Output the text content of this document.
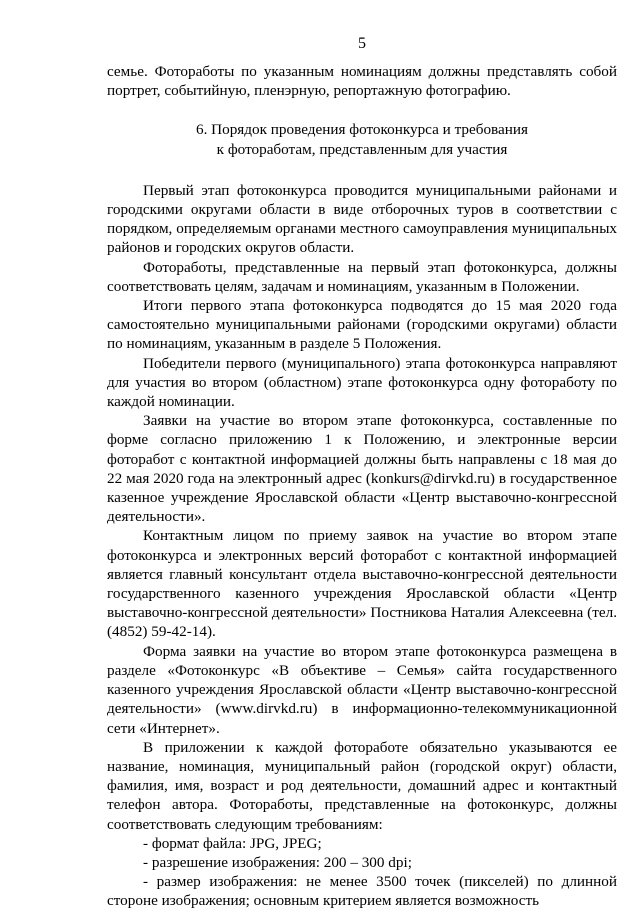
5

семье. Фотоработы по указанным номинациям должны представлять собой портрет, событийную, пленэрную, репортажную фотографию.

6. Порядок проведения фотоконкурса и требования
к фотоработам, представленным для участия

Первый этап фотоконкурса проводится муниципальными районами и городскими округами области в виде отборочных туров в соответствии с порядком, определяемым органами местного самоуправления муниципальных районов и городских округов области.

Фотоработы, представленные на первый этап фотоконкурса, должны соответствовать целям, задачам и номинациям, указанным в Положении.

Итоги первого этапа фотоконкурса подводятся до 15 мая 2020 года самостоятельно муниципальными районами (городскими округами) области по номинациям, указанным в разделе 5 Положения.

Победители первого (муниципального) этапа фотоконкурса направляют для участия во втором (областном) этапе фотоконкурса одну фотоработу по каждой номинации.

Заявки на участие во втором этапе фотоконкурса, составленные по форме согласно приложению 1 к Положению, и электронные версии фоторабот с контактной информацией должны быть направлены с 18 мая до 22 мая 2020 года на электронный адрес (konkurs@dirvkd.ru) в государственное казенное учреждение Ярославской области «Центр выставочно-конгрессной деятельности».

Контактным лицом по приему заявок на участие во втором этапе фотоконкурса и электронных версий фоторабот с контактной информацией является главный консультант отдела выставочно-конгрессной деятельности государственного казенного учреждения Ярославской области «Центр выставочно-конгрессной деятельности» Постникова Наталия Алексеевна (тел. (4852) 59-42-14).

Форма заявки на участие во втором этапе фотоконкурса размещена в разделе «Фотоконкурс «В объективе – Семья» сайта государственного казенного учреждения Ярославской области «Центр выставочно-конгрессной деятельности» (www.dirvkd.ru) в информационно-телекоммуникационной сети «Интернет».

В приложении к каждой фотоработе обязательно указываются ее название, номинация, муниципальный район (городской округ) области, фамилия, имя, возраст и род деятельности, домашний адрес и контактный телефон автора. Фотоработы, представленные на фотоконкурс, должны соответствовать следующим требованиям:

- формат файла: JPG, JPEG;

- разрешение изображения: 200 – 300 dpi;

- размер изображения: не менее 3500 точек (пикселей) по длинной стороне изображения; основным критерием является возможность
